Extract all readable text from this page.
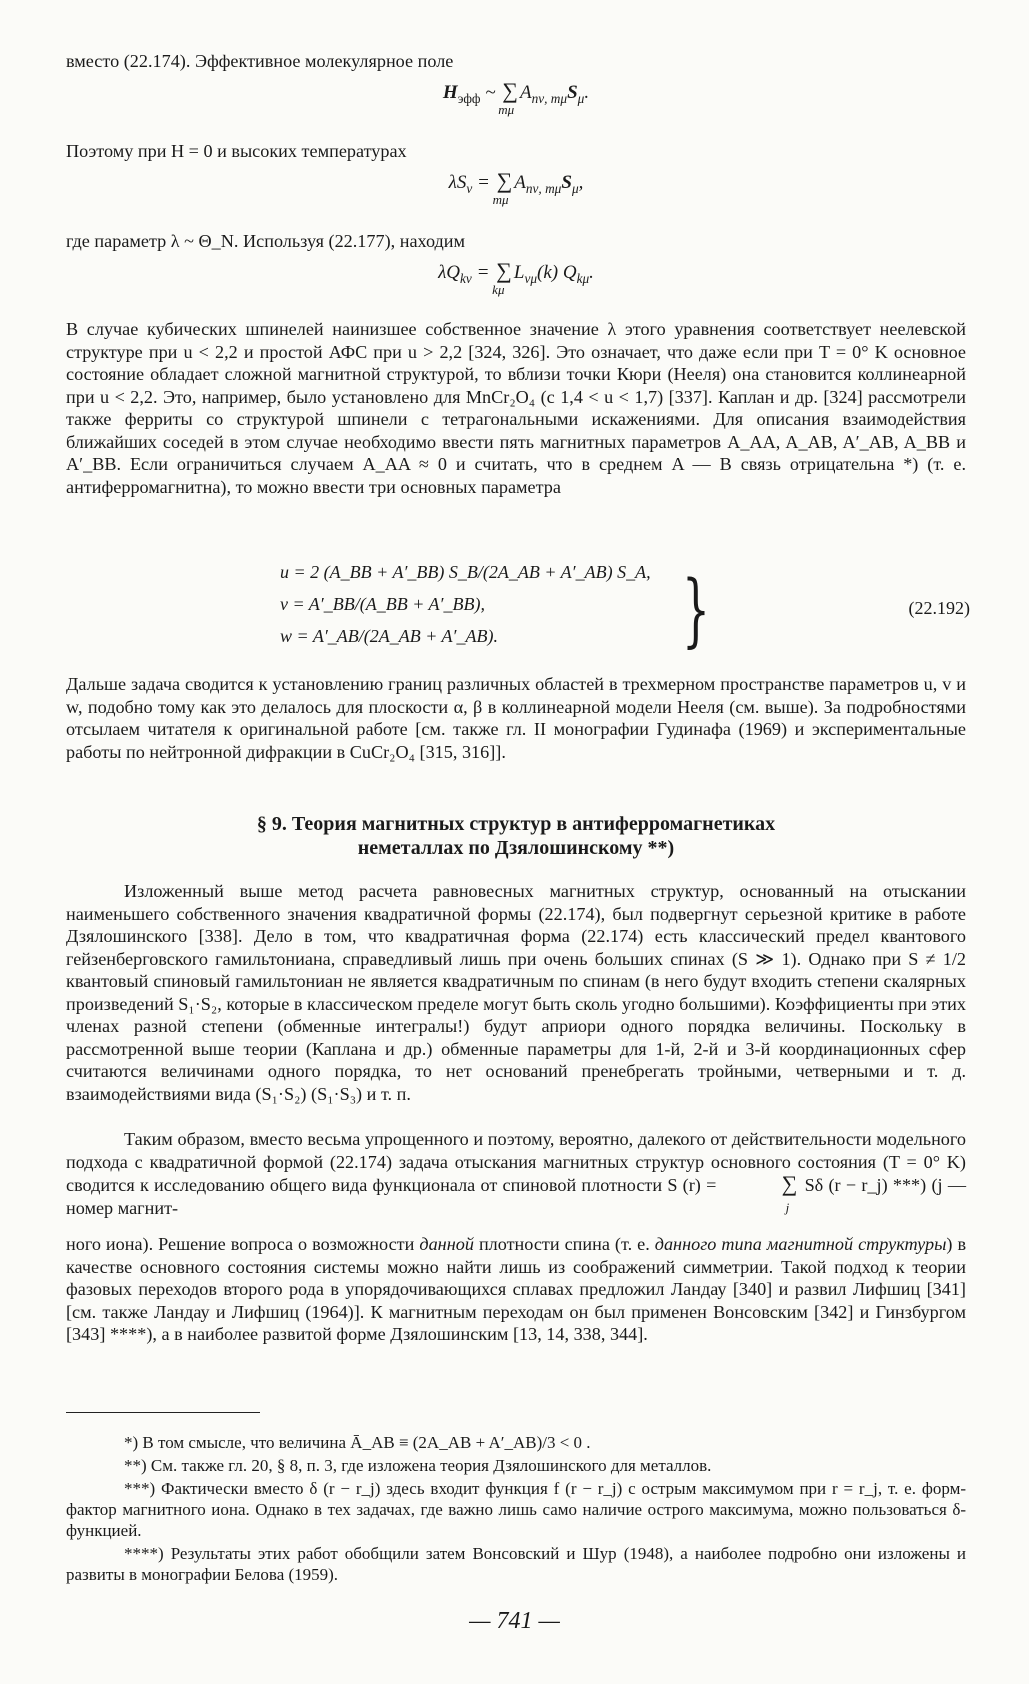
вместо (22.174). Эффективное молекулярное поле

$H_{эфф}$ ~ ∑
mμ
$A_{n\nu, m\mu}S_\mu$.

Поэтому при H = 0 и высоких температурах

$\lambda S_\nu$ = ∑
mμ
$A_{n\nu, m\mu}S_\mu$,

где параметр λ ~ Θ_N. Используя (22.177), находим

$\lambda Q_{k\nu}$ = ∑
kμ
$L_{\nu\mu}(k)$ $Q_{k\mu}$.

В случае кубических шпинелей наинизшее собственное значение λ этого уравнения соответствует неелевской структуре при u < 2,2 и простой АФС при u > 2,2 [324, 326]. Это означает, что даже если при T = 0° K основное состояние обладает сложной магнитной структурой, то вблизи точки Кюри (Нееля) она становится коллинеарной при u < 2,2. Это, например, было установлено для MnCr₂O₄ (с 1,4 < u < 1,7) [337]. Каплан и др. [324] рассмотрели также ферриты со структурой шпинели с тетрагональными искажениями. Для описания взаимодействия ближайших соседей в этом случае необходимо ввести пять магнитных параметров A_AA, A_AB, A′_AB, A_BB и A′_BB. Если ограничиться случаем A_AA ≈ 0 и считать, что в среднем A — B связь отрицательна *) (т. е. антиферромагнитна), то можно ввести три основных параметра

u = 2 (A_BB + A′_BB) S_B/(2A_AB + A′_AB) S_A,
v = A′_BB/(A_BB + A′_BB),
w = A′_AB/(2A_AB + A′_AB). }	(22.192)

Дальше задача сводится к установлению границ различных областей в трехмерном пространстве параметров u, v и w, подобно тому как это делалось для плоскости α, β в коллинеарной модели Нееля (см. выше). За подробностями отсылаем читателя к оригинальной работе [см. также гл. II монографии Гудинафа (1969) и экспериментальные работы по нейтронной дифракции в CuCr₂O₄ [315, 316]].

§ 9. Теория магнитных структур в антиферромагнетиках
неметаллах по Дзялошинскому **)

Изложенный выше метод расчета равновесных магнитных структур, основанный на отыскании наименьшего собственного значения квадратичной формы (22.174), был подвергнут серьезной критике в работе Дзялошинского [338]. Дело в том, что квадратичная форма (22.174) есть классический предел квантового гейзенберговского гамильтониана, справедливый лишь при очень больших спинах (S ≫ 1). Однако при S ≠ 1/2 квантовый спиновый гамильтониан не является квадратичным по спинам (в него будут входить степени скалярных произведений S₁·S₂, которые в классическом пределе могут быть сколь угодно большими). Коэффициенты при этих членах разной степени (обменные интегралы!) будут априори одного порядка величины. Поскольку в рассмотренной выше теории (Каплана и др.) обменные параметры для 1-й, 2-й и 3-й координационных сфер считаются величинами одного порядка, то нет оснований пренебрегать тройными, четверными и т. д. взаимодействиями вида (S₁·S₂) (S₁·S₃) и т. п.

Таким образом, вместо весьма упрощенного и поэтому, вероятно, далекого от действительности модельного подхода с квадратичной формой (22.174) задача отыскания магнитных структур основного состояния (T = 0° K) сводится к исследованию общего вида функционала от спиновой плотности S (r) =	∑
j
Sδ (r − r_j) ***) (j — номер магнит-

ного иона). Решение вопроса о возможности данной плотности спина (т. е. данного типа магнитной структуры) в качестве основного состояния системы можно найти лишь из соображений симметрии. Такой подход к теории фазовых переходов второго рода в упорядочивающихся сплавах предложил Ландау [340] и развил Лифшиц [341] [см. также Ландау и Лифшиц (1964)]. К магнитным переходам он был применен Вонсовским [342] и Гинзбургом [343] ****), а в наиболее развитой форме Дзялошинским [13, 14, 338, 344].

*) В том смысле, что величина Ā_AB ≡ (2A_AB + A′_AB)/3 < 0 .

**) См. также гл. 20, § 8, п. 3, где изложена теория Дзялошинского для металлов.

***) Фактически вместо δ (r − r_j) здесь входит функция f (r − r_j) с острым максимумом при r = r_j, т. е. форм-фактор магнитного иона. Однако в тех задачах, где важно лишь само наличие острого максимума, можно пользоваться δ-функцией.

****) Результаты этих работ обобщили затем Вонсовский и Шур (1948), а наиболее подробно они изложены и развиты в монографии Белова (1959).

— 741 —
